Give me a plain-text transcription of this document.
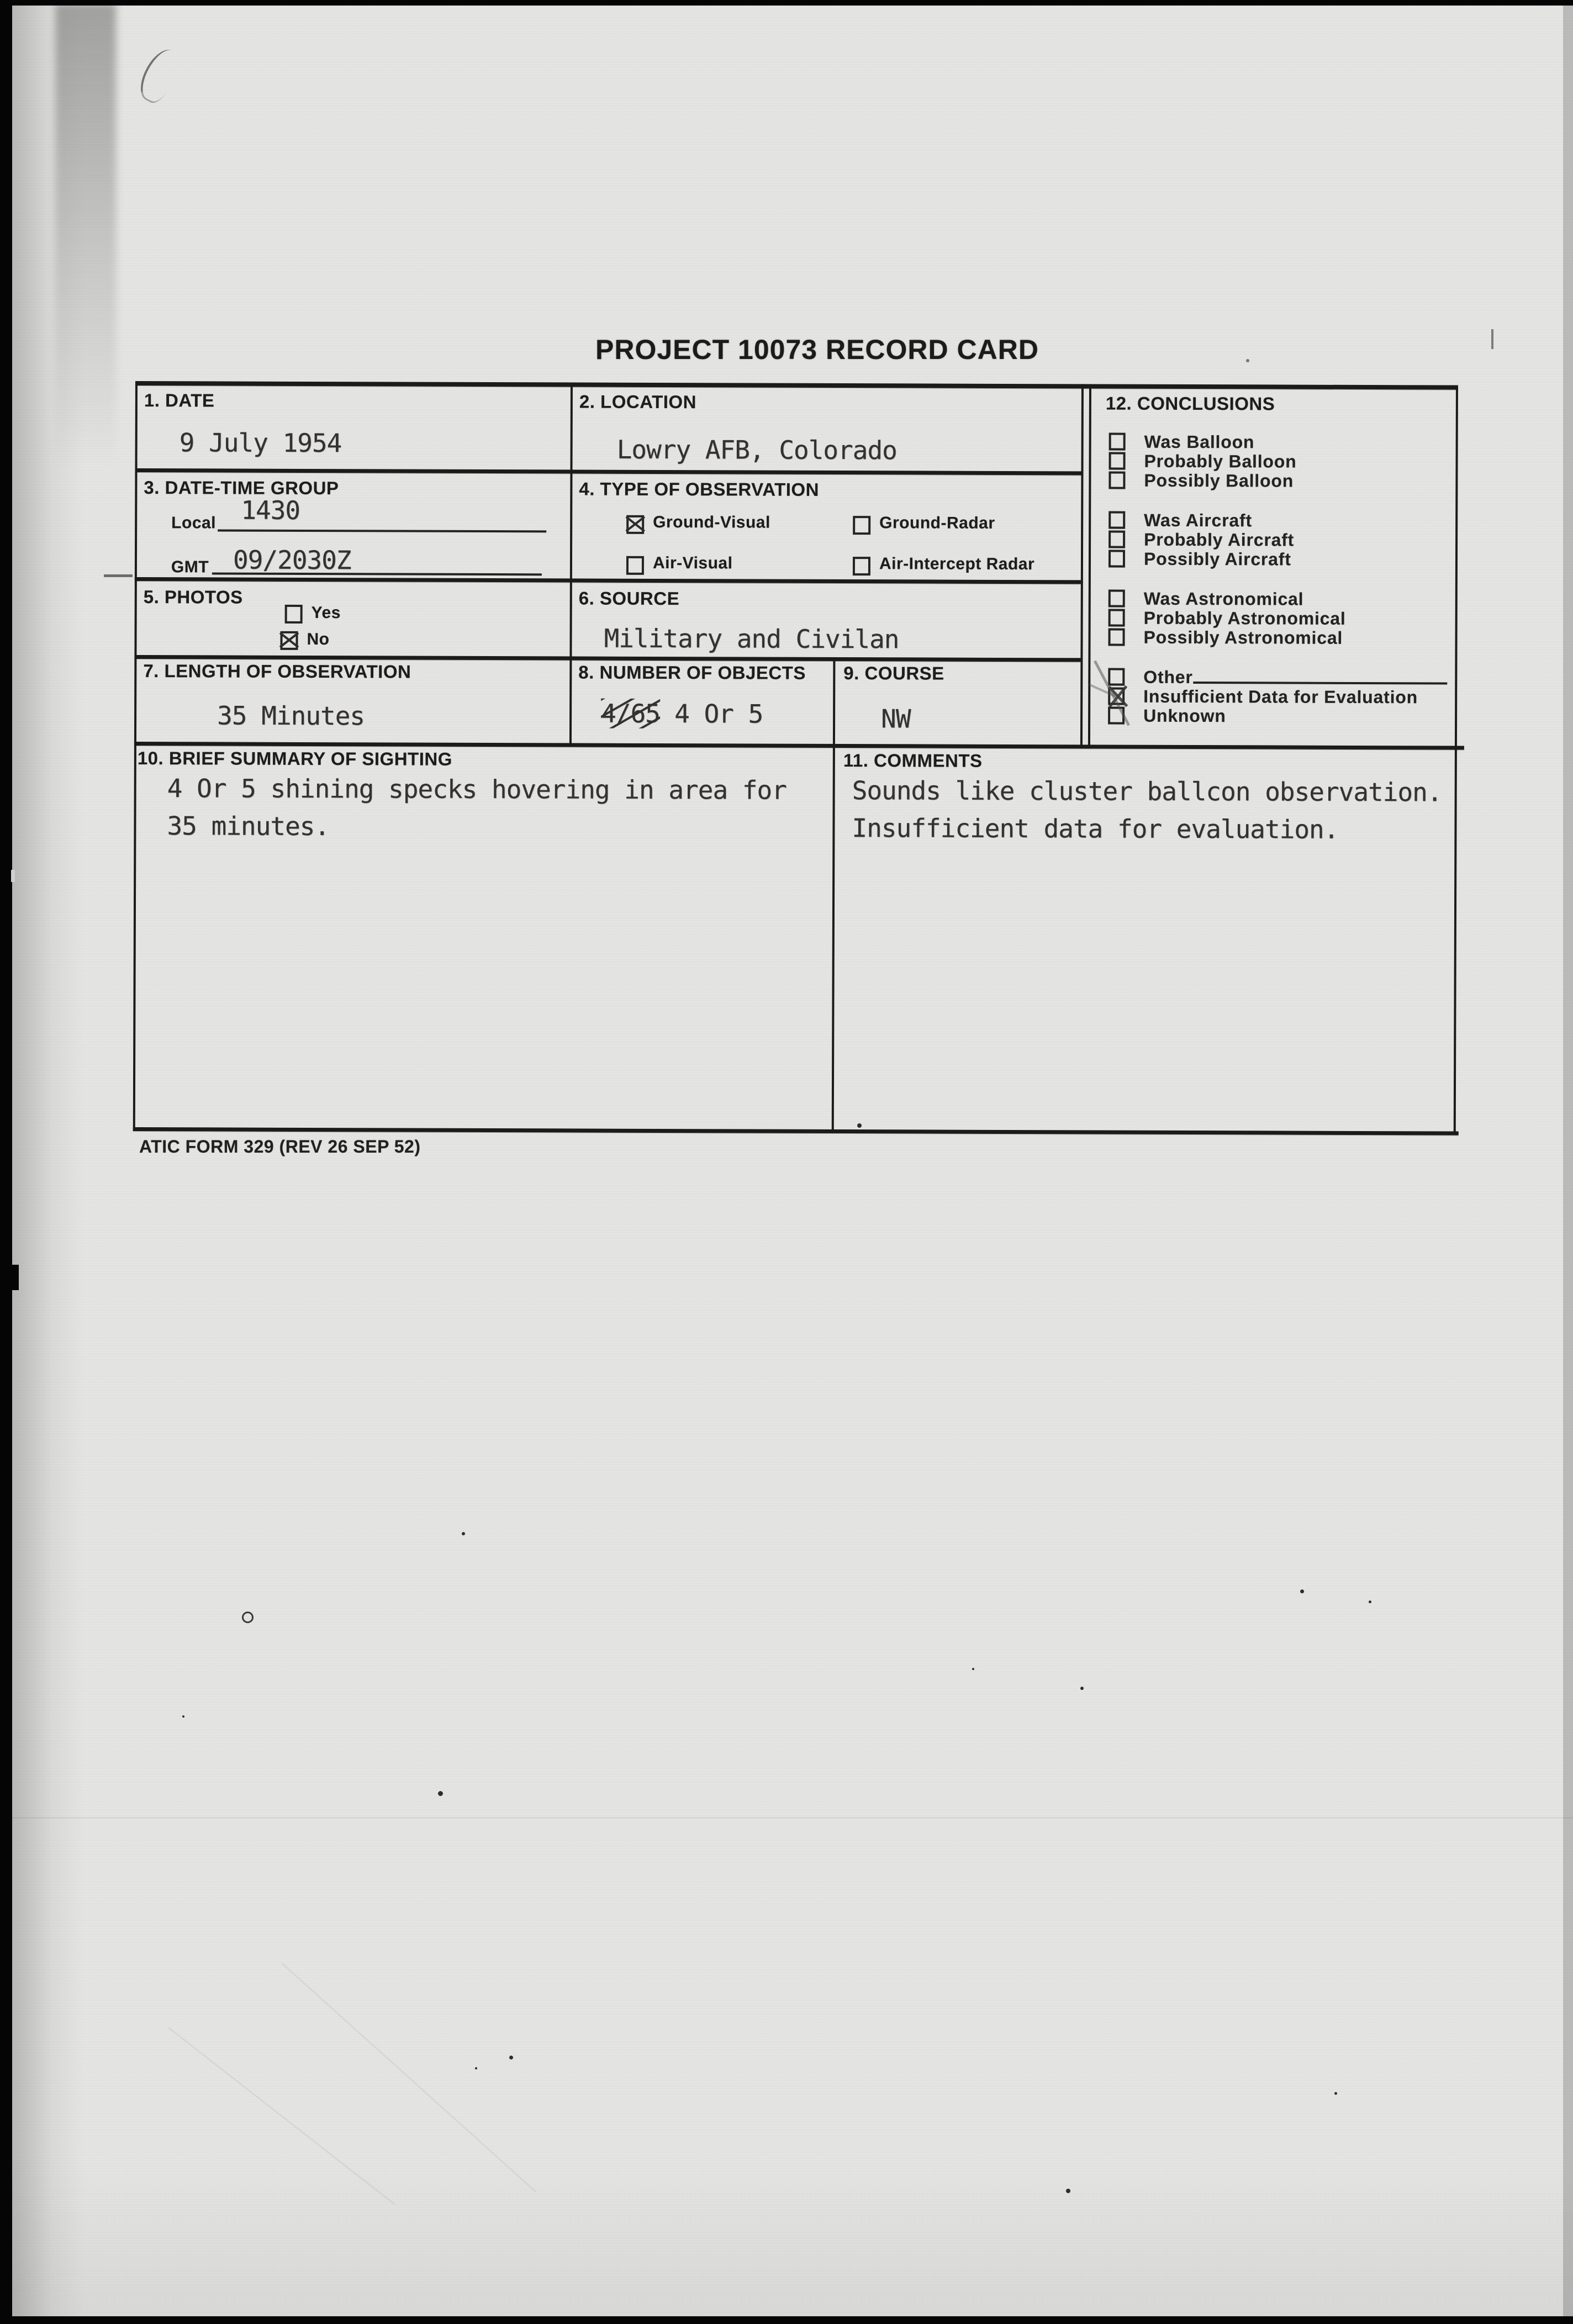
PROJECT 10073 RECORD CARD
1. DATE
9 July 1954
2. LOCATION
Lowry AFB, Colorado
3. DATE-TIME GROUP
Local 1430
GMT 09/2030Z
4. TYPE OF OBSERVATION
Ground-Visual	Ground-Radar
Air-Visual	Air-Intercept Radar
5. PHOTOS
Yes
No
6. SOURCE
Military and Civilan
7. LENGTH OF OBSERVATION
35 Minutes
8. NUMBER OF OBJECTS
4/65 4 Or 5
9. COURSE
NW
10. BRIEF SUMMARY OF SIGHTING
4 Or 5 shining specks hovering in area for
35 minutes.
11. COMMENTS
Sounds like cluster ballcon observation.
Insufficient data for evaluation.
12. CONCLUSIONS
Was Balloon
Probably Balloon
Possibly Balloon
Was Aircraft
Probably Aircraft
Possibly Aircraft
Was Astronomical
Probably Astronomical
Possibly Astronomical
Other
Insufficient Data for Evaluation
Unknown
ATIC FORM 329 (REV 26 SEP 52)
